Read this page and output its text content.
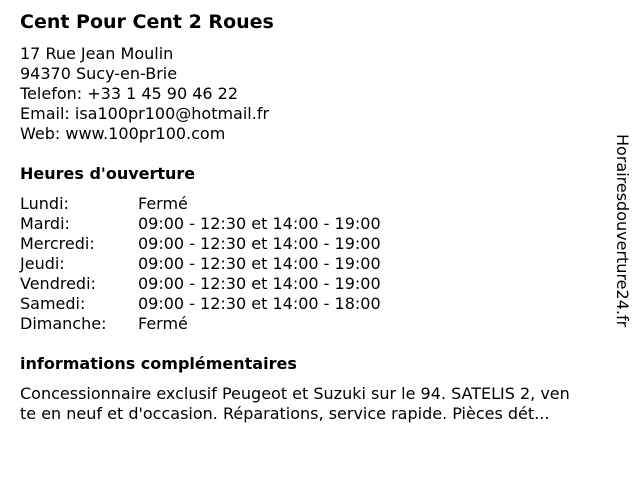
Cent Pour Cent 2 Roues
17 Rue Jean Moulin
94370 Sucy-en-Brie
Telefon: +33 1 45 90 46 22
Email: isa100pr100@hotmail.fr
Web: www.100pr100.com
Heures d'ouverture
Lundi:	Fermé
Mardi:	09:00 - 12:30 et 14:00 - 19:00
Mercredi:	09:00 - 12:30 et 14:00 - 19:00
Jeudi:	09:00 - 12:30 et 14:00 - 19:00
Vendredi:	09:00 - 12:30 et 14:00 - 19:00
Samedi:	09:00 - 12:30 et 14:00 - 18:00
Dimanche: Fermé
informations complémentaires
Concessionnaire exclusif Peugeot et Suzuki sur le 94. SATELIS 2, ven
te en neuf et d'occasion. Réparations, service rapide. Pièces dét...
Horairesdouverture24.fr
